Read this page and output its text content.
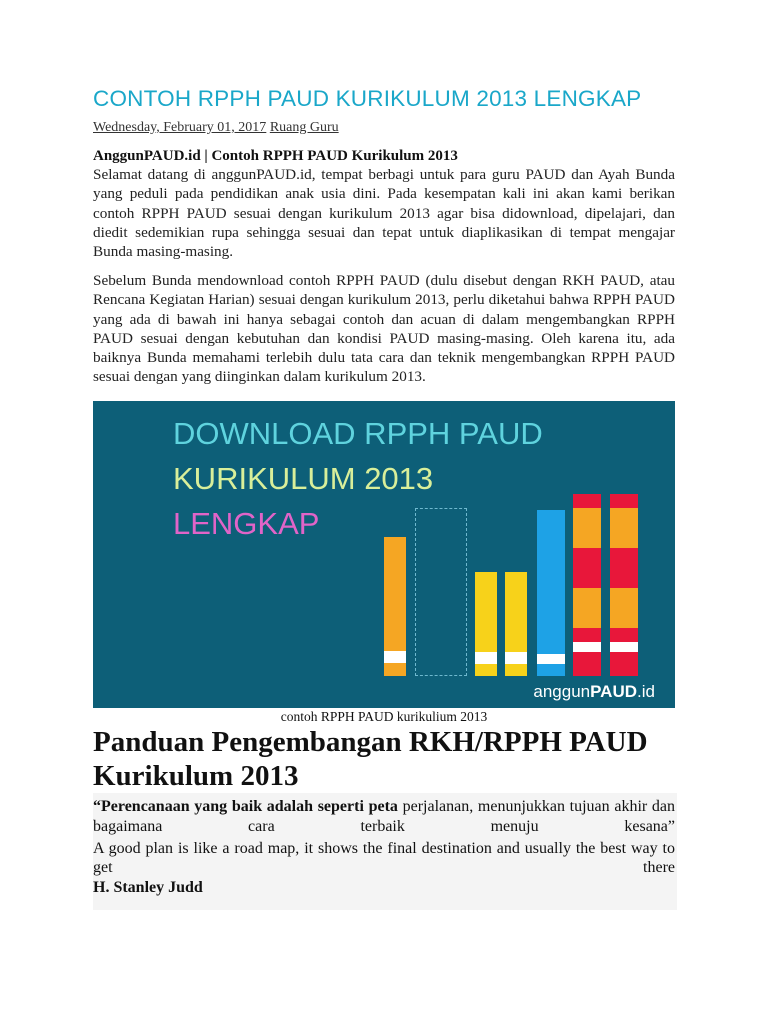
CONTOH RPPH PAUD KURIKULUM 2013 LENGKAP
Wednesday, February 01, 2017 Ruang Guru
AnggunPAUD.id | Contoh RPPH PAUD Kurikulum 2013
Selamat datang di anggunPAUD.id, tempat berbagi untuk para guru PAUD dan Ayah Bunda yang peduli pada pendidikan anak usia dini. Pada kesempatan kali ini akan kami berikan contoh RPPH PAUD sesuai dengan kurikulum 2013 agar bisa didownload, dipelajari, dan diedit sedemikian rupa sehingga sesuai dan tepat untuk diaplikasikan di tempat mengajar Bunda masing-masing.
Sebelum Bunda mendownload contoh RPPH PAUD (dulu disebut dengan RKH PAUD, atau Rencana Kegiatan Harian) sesuai dengan kurikulum 2013, perlu diketahui bahwa RPPH PAUD yang ada di bawah ini hanya sebagai contoh dan acuan di dalam mengembangkan RPPH PAUD sesuai dengan kebutuhan dan kondisi PAUD masing-masing. Oleh karena itu, ada baiknya Bunda memahami terlebih dulu tata cara dan teknik mengembangkan RPPH PAUD sesuai dengan yang diinginkan dalam kurikulum 2013.
DOWNLOAD RPPH PAUD
KURIKULUM 2013
LENGKAP
anggunPAUD.id
contoh RPPH PAUD kurikulium 2013
Panduan Pengembangan RKH/RPPH PAUD Kurikulum 2013
“Perencanaan yang baik adalah seperti peta perjalanan, menunjukkan tujuan akhir dan bagaimana cara terbaik menuju kesana”
A good plan is like a road map, it shows the final destination and usually the best way to get there
H. Stanley Judd
